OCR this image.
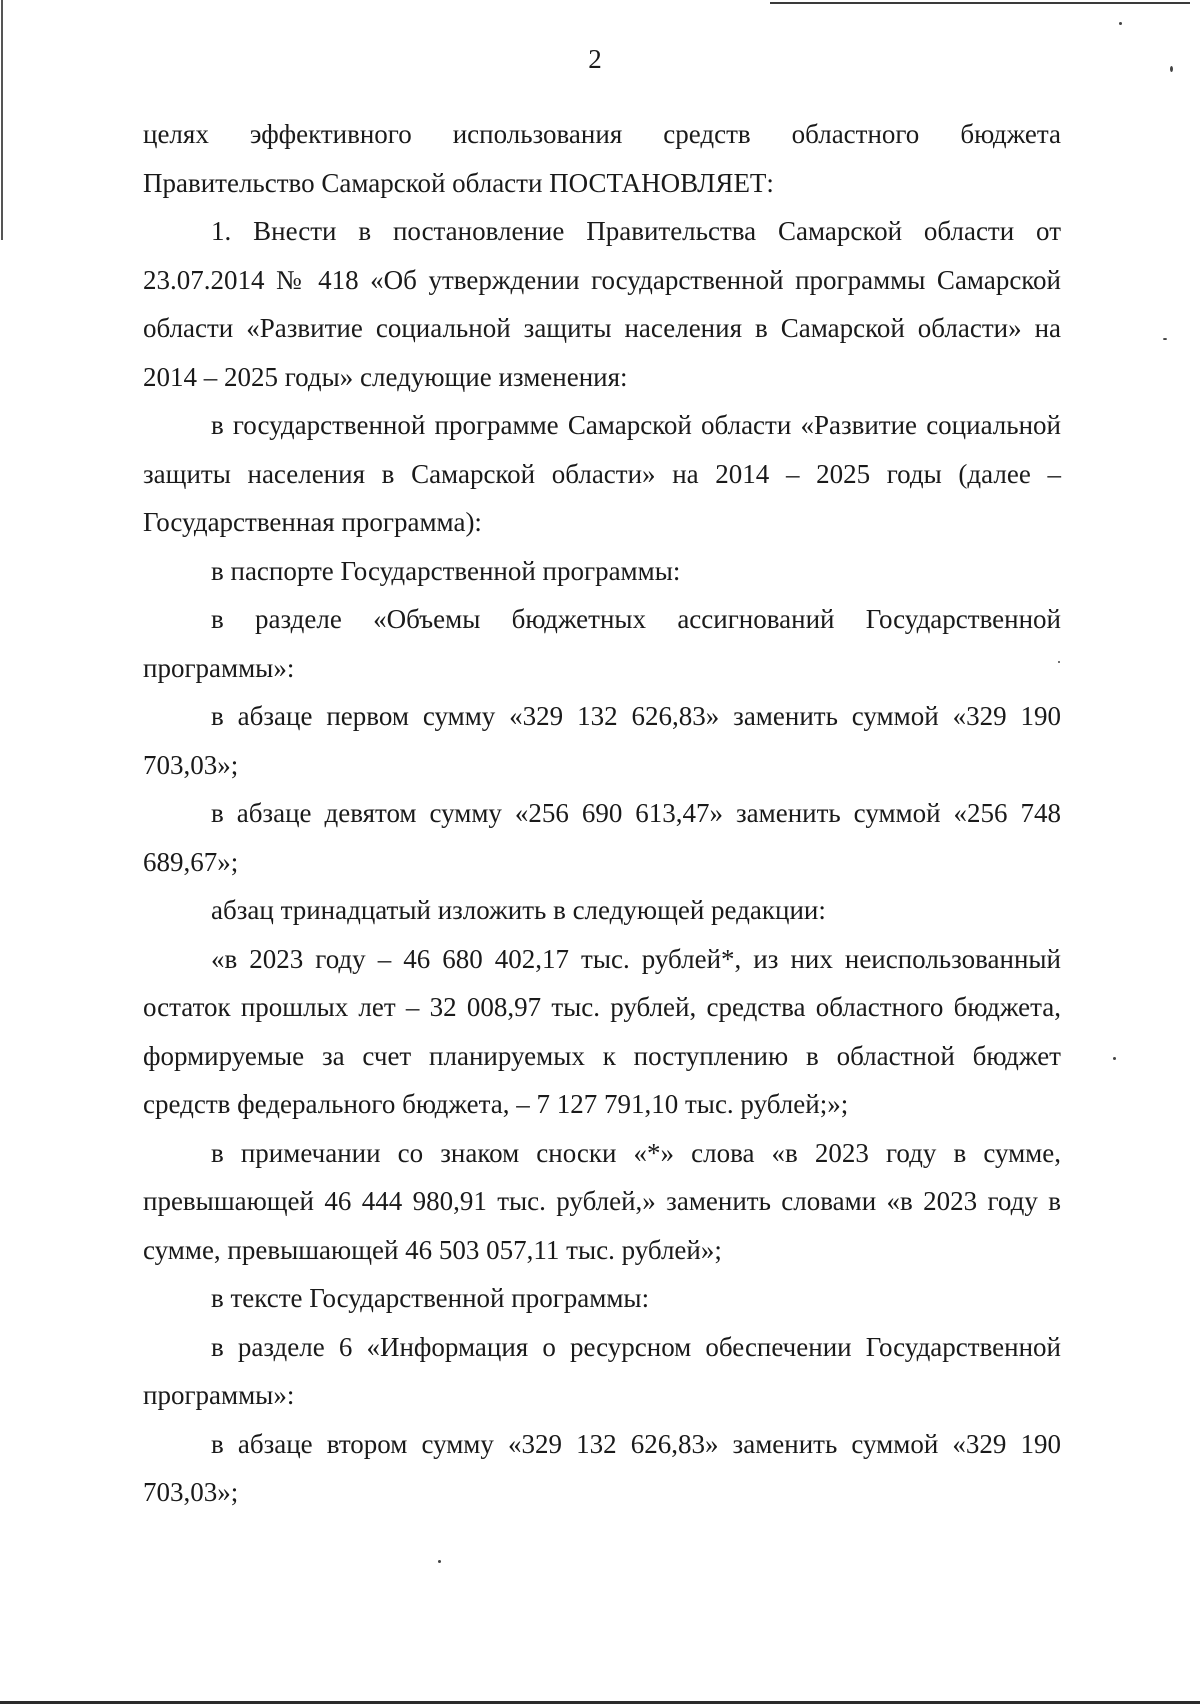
2

целях эффективного использования средств областного бюджета Правительство Самарской области ПОСТАНОВЛЯЕТ:

1. Внести в постановление Правительства Самарской области от 23.07.2014 № 418 «Об утверждении государственной программы Самарской области «Развитие социальной защиты населения в Самарской области» на 2014 – 2025 годы» следующие изменения:

в государственной программе Самарской области «Развитие социальной защиты населения в Самарской области» на 2014 – 2025 годы (далее – Государственная программа):

в паспорте Государственной программы:

в разделе «Объемы бюджетных ассигнований Государственной программы»:

в абзаце первом сумму «329 132 626,83» заменить суммой «329 190 703,03»;

в абзаце девятом сумму «256 690 613,47» заменить суммой «256 748 689,67»;

абзац тринадцатый изложить в следующей редакции:

«в 2023 году – 46 680 402,17 тыс. рублей*, из них неиспользованный остаток прошлых лет – 32 008,97 тыс. рублей, средства областного бюджета, формируемые за счет планируемых к поступлению в областной бюджет средств федерального бюджета, – 7 127 791,10 тыс. рублей;»;

в примечании со знаком сноски «*» слова «в 2023 году в сумме, превышающей 46 444 980,91 тыс. рублей,» заменить словами «в 2023 году в сумме, превышающей 46 503 057,11 тыс. рублей»;

в тексте Государственной программы:

в разделе 6 «Информация о ресурсном обеспечении Государственной программы»:

в абзаце втором сумму «329 132 626,83» заменить суммой «329 190 703,03»;
